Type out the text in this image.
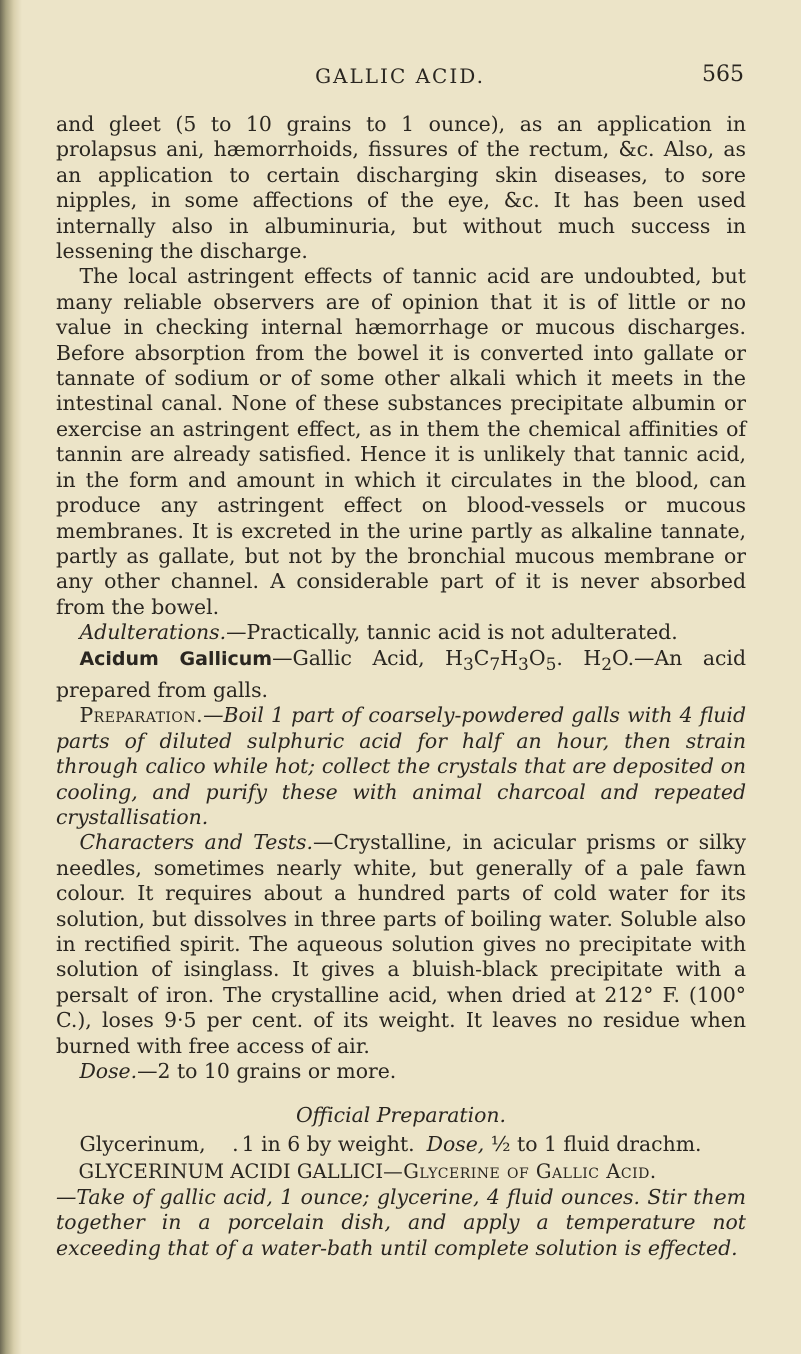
GALLIC ACID.	565

and gleet (5 to 10 grains to 1 ounce), as an application in prolapsus ani, hæmorrhoids, fissures of the rectum, &c. Also, as an application to certain discharging skin diseases, to sore nipples, in some affections of the eye, &c. It has been used internally also in albuminuria, but without much success in lessening the discharge.

The local astringent effects of tannic acid are undoubted, but many reliable observers are of opinion that it is of little or no value in checking internal hæmorrhage or mucous discharges. Before absorption from the bowel it is converted into gallate or tannate of sodium or of some other alkali which it meets in the intestinal canal. None of these substances precipitate albumin or exercise an astringent effect, as in them the chemical affinities of tannin are already satisfied. Hence it is unlikely that tannic acid, in the form and amount in which it circulates in the blood, can produce any astringent effect on blood-vessels or mucous membranes. It is excreted in the urine partly as alkaline tannate, partly as gallate, but not by the bronchial mucous membrane or any other channel. A considerable part of it is never absorbed from the bowel.

Adulterations.—Practically, tannic acid is not adulterated.

Acidum Gallicum—Gallic Acid, $H_3C_7H_3O_5$. $H_2O.—An$ acid prepared from galls.

Preparation.—Boil 1 part of coarsely-powdered galls with 4 fluid parts of diluted sulphuric acid for half an hour, then strain through calico while hot; collect the crystals that are deposited on cooling, and purify these with animal charcoal and repeated crystallisation.

Characters and Tests.—Crystalline, in acicular prisms or silky needles, sometimes nearly white, but generally of a pale fawn colour. It requires about a hundred parts of cold water for its solution, but dissolves in three parts of boiling water. Soluble also in rectified spirit. The aqueous solution gives no precipitate with solution of isinglass. It gives a bluish-black precipitate with a persalt of iron. The crystalline acid, when dried at 212° F. (100° C.), loses 9·5 per cent. of its weight. It leaves no residue when burned with free access of air.

Dose.—2 to 10 grains or more.

Official Preparation.

Glycerinum, . 1 in 6 by weight. Dose, ½ to 1 fluid drachm.

GLYCERINUM ACIDI GALLICI—Glycerine of Gallic Acid.

—Take of gallic acid, 1 ounce; glycerine, 4 fluid ounces. Stir them together in a porcelain dish, and apply a temperature not exceeding that of a water-bath until complete solution is effected.
